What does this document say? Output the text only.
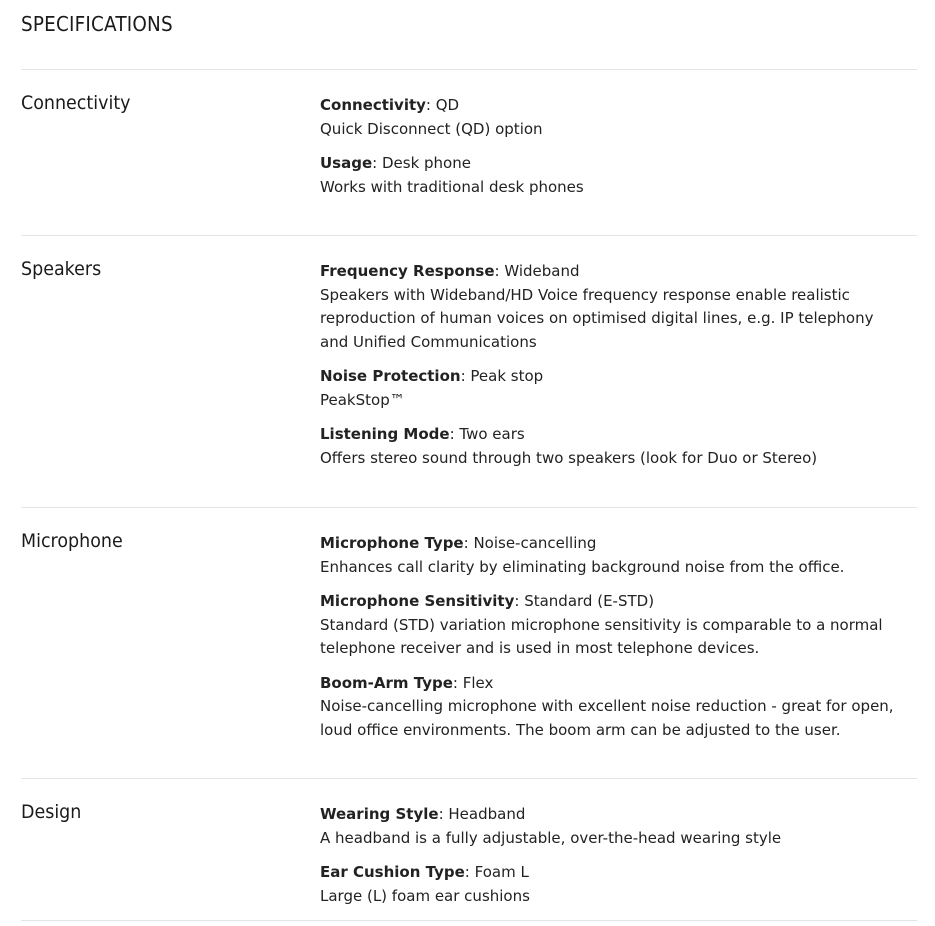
SPECIFICATIONS
Connectivity	Connectivity: QD
Quick Disconnect (QD) option
Usage: Desk phone
Works with traditional desk phones
Speakers	Frequency Response: Wideband
Speakers with Wideband/HD Voice frequency response enable realistic
reproduction of human voices on optimised digital lines, e.g. IP telephony
and Unified Communications
Noise Protection: Peak stop
PeakStop™
Listening Mode: Two ears
Offers stereo sound through two speakers (look for Duo or Stereo)
Microphone	Microphone Type: Noise-cancelling
Enhances call clarity by eliminating background noise from the office.
Microphone Sensitivity: Standard (E-STD)
Standard (STD) variation microphone sensitivity is comparable to a normal
telephone receiver and is used in most telephone devices.
Boom-Arm Type: Flex
Noise-cancelling microphone with excellent noise reduction - great for open,
loud office environments. The boom arm can be adjusted to the user.
Design	Wearing Style: Headband
A headband is a fully adjustable, over-the-head wearing style
Ear Cushion Type: Foam L
Large (L) foam ear cushions
